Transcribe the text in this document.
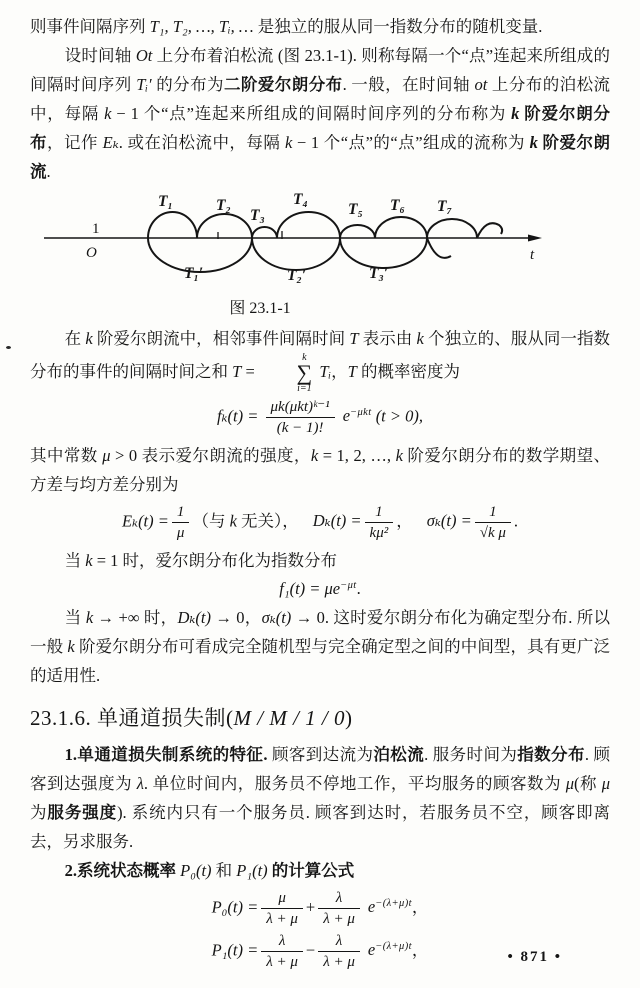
则事件间隔序列 T₁, T₂, …, Tᵢ, … 是独立的服从同一指数分布的随机变量.

设时间轴 Ot 上分布着泊松流 (图 23.1-1). 则称每隔一个“点”连起来所组成的间隔时间序列 Tᵢ′ 的分布为二阶爱尔朗分布. 一般，在时间轴 ot 上分布的泊松流中，每隔 k − 1 个“点”连起来所组成的间隔时间序列的分布称为 k 阶爱尔朗分布，记作 Eₖ. 或在泊松流中，每隔 k − 1 个“点”的“点”组成的流称为 k 阶爱尔朗流.

1
O	t
T₁	T₂
T₃
T₄
T₅ T₆ T₇
T₁′	T₂′	T₃′
图 23.1-1

在 k 阶爱尔朗流中，相邻事件间隔时间 T 表示由 k 个独立的、服从同一指数分布的事件的间隔时间之和 T =
k
∑
i=1
Tᵢ，T 的概率密度为

$f_k(t) = \frac{\text{μk(μkt)ᵏ⁻¹}}{(k - 1)!} e^{-\mu kt}$ (t > 0),

其中常数 μ > 0 表示爱尔朗流的强度，k = 1, 2, …, k 阶爱尔朗分布的数学期望、方差与均方差分别为

$E_k(t) = \frac{1}{\mu}$ （与 k 无关）， $D_k(t) = \frac{1}{\text{kμ²}}$ ， $\sigma_k(t) = \frac{1}{\text{√k μ}}$ .

当 k = 1 时，爱尔朗分布化为指数分布

$f_1(t) = \mu e^{-\mu t}$.

当 k → +∞ 时，Dₖ(t) → 0，σₖ(t) → 0. 这时爱尔朗分布化为确定型分布. 所以一般 k 阶爱尔朗分布可看成完全随机型与完全确定型之间的中间型，具有更广泛的适用性.

23.1.6. 单通道损失制(M / M / 1 / 0)

1.单通道损失制系统的特征. 顾客到达流为泊松流. 服务时间为指数分布. 顾客到达强度为 λ. 单位时间内，服务员不停地工作，平均服务的顾客数为 μ(称 μ 为服务强度). 系统内只有一个服务员. 顾客到达时，若服务员不空，顾客即离去，另求服务.

2.系统状态概率 P₀(t) 和 P₁(t) 的计算公式

$P_0(t) = \frac{\mu}{\lambda + \mu} + \frac{\lambda}{\lambda + \mu} e^{-(\lambda+\mu)t}$，
$P_1(t) = \frac{\lambda}{\lambda + \mu} - \frac{\lambda}{\lambda + \mu} e^{-(\lambda+\mu)t}$，	• 871 •
